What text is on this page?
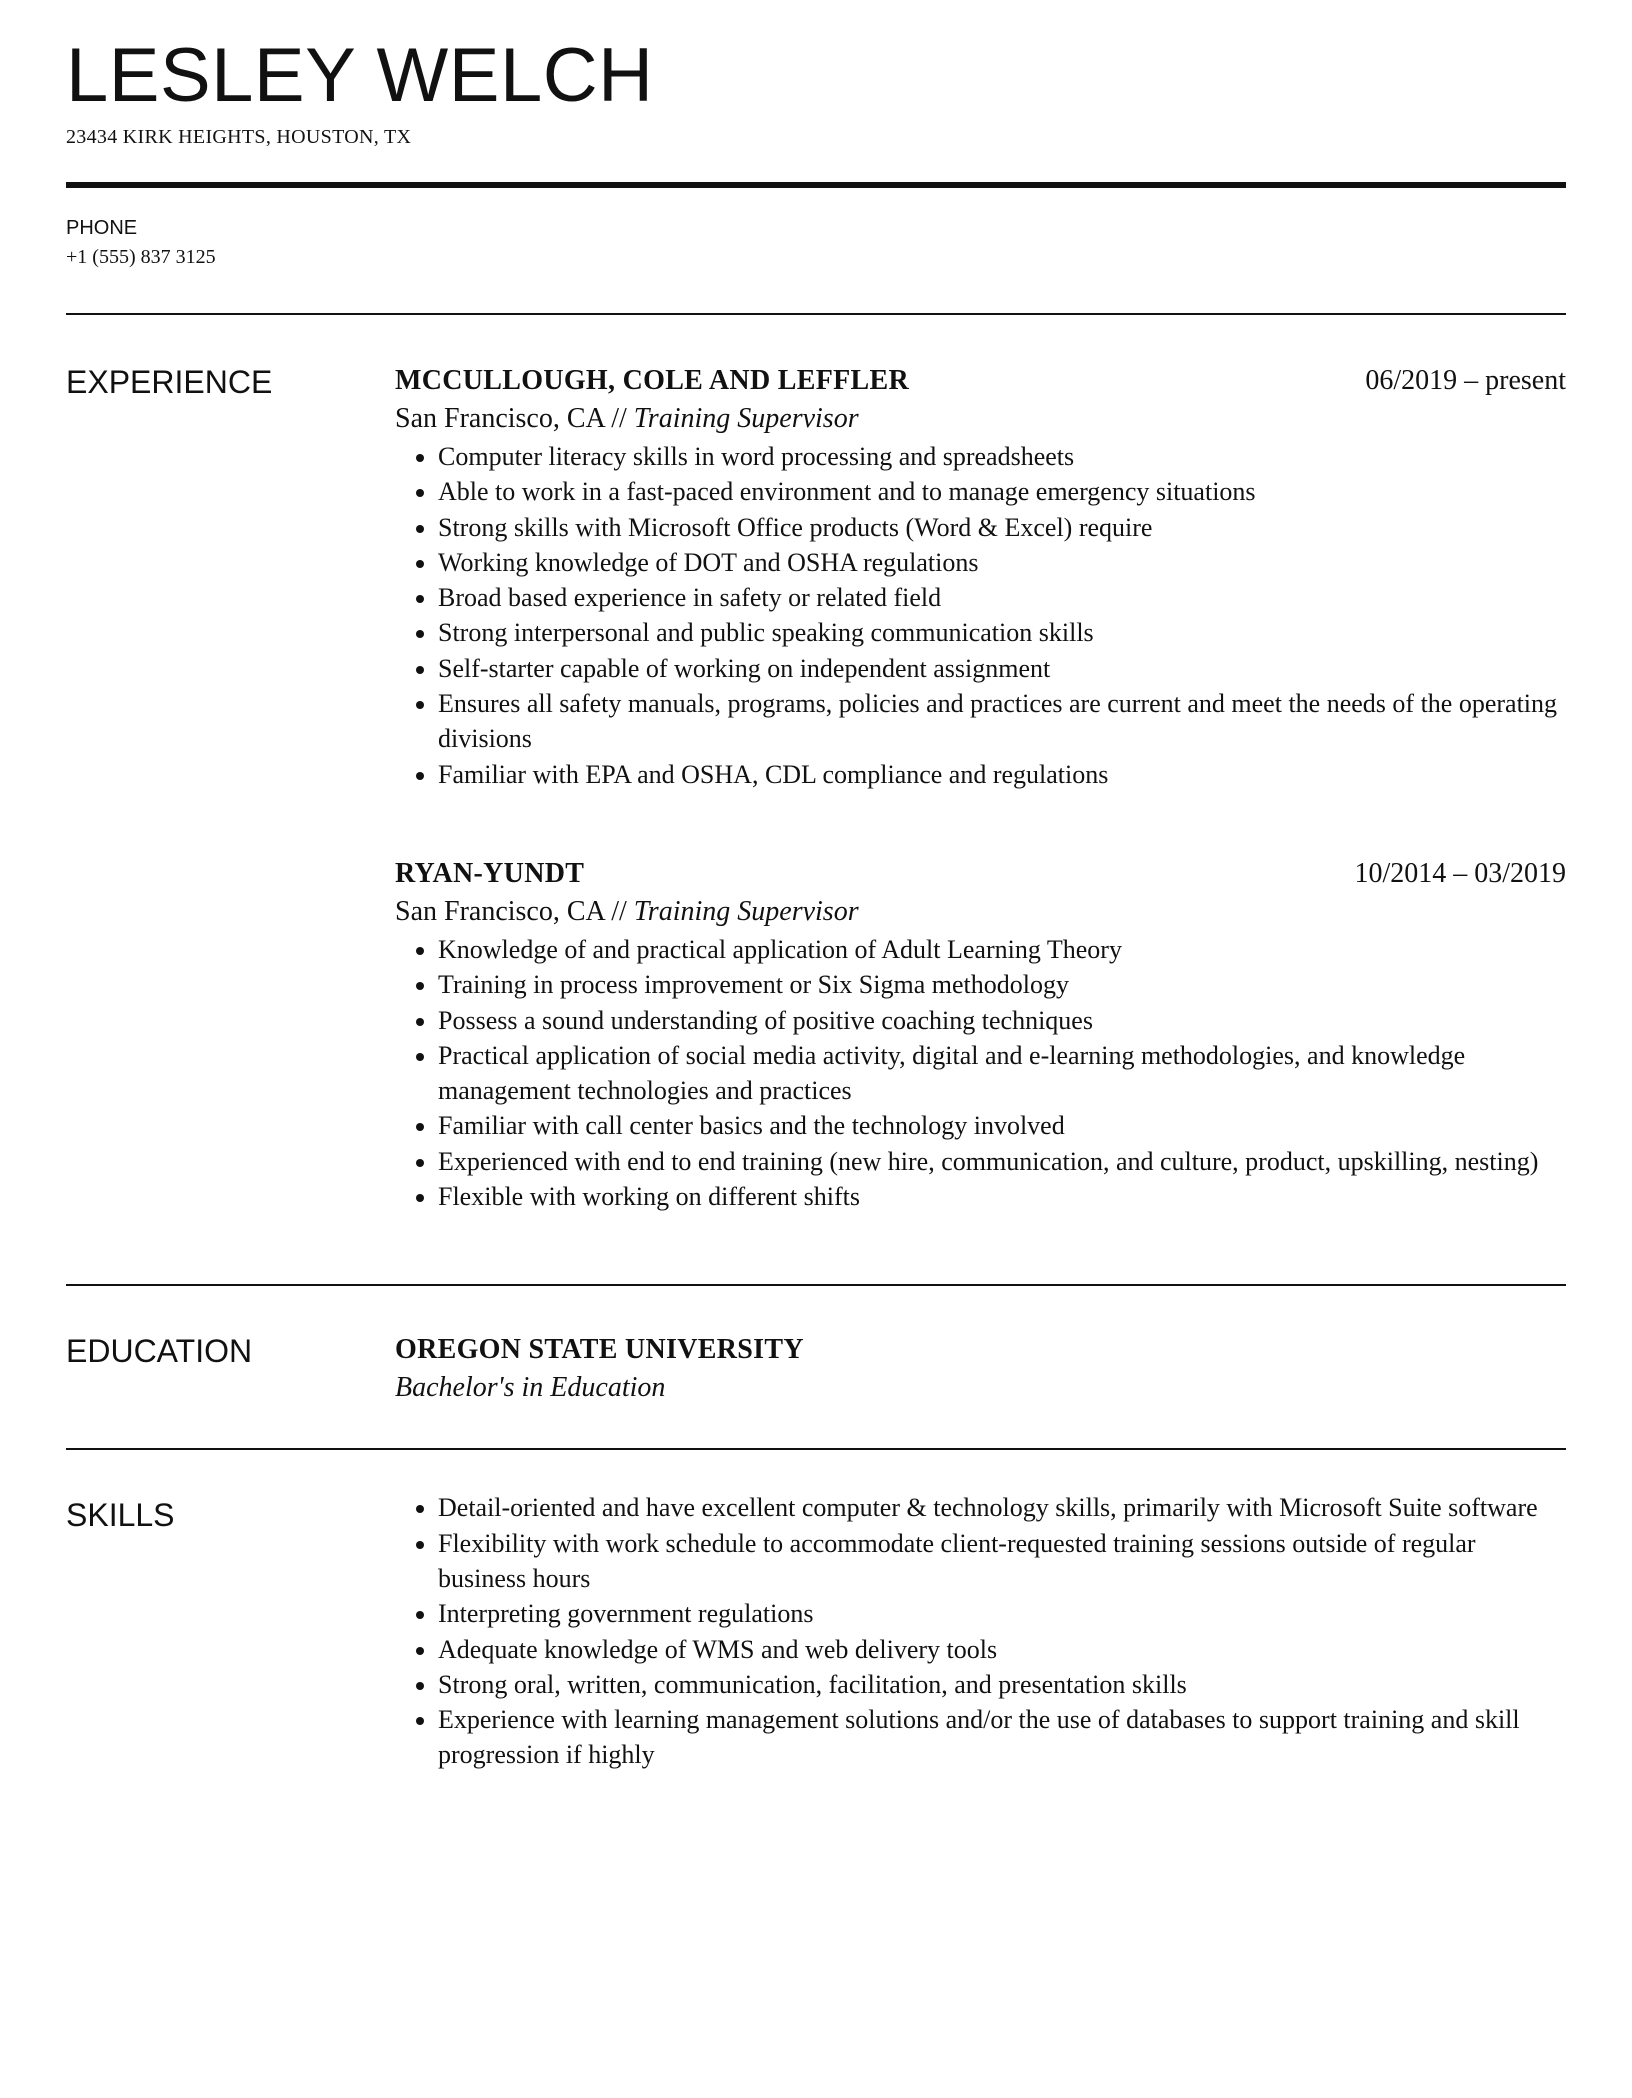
LESLEY WELCH
23434 KIRK HEIGHTS, HOUSTON, TX
PHONE
+1 (555) 837 3125
EXPERIENCE	MCCULLOUGH, COLE AND LEFFLER	06/2019 – present
San Francisco, CA // Training Supervisor
• Computer literacy skills in word processing and spreadsheets
• Able to work in a fast-paced environment and to manage emergency situations
• Strong skills with Microsoft Office products (Word & Excel) require
• Working knowledge of DOT and OSHA regulations
• Broad based experience in safety or related field
• Strong interpersonal and public speaking communication skills
• Self-starter capable of working on independent assignment
• Ensures all safety manuals, programs, policies and practices are current and meet the needs of the operating divisions
• Familiar with EPA and OSHA, CDL compliance and regulations
RYAN-YUNDT	10/2014 – 03/2019
San Francisco, CA // Training Supervisor
• Knowledge of and practical application of Adult Learning Theory
• Training in process improvement or Six Sigma methodology
• Possess a sound understanding of positive coaching techniques
• Practical application of social media activity, digital and e-learning methodologies, and knowledge management technologies and practices
• Familiar with call center basics and the technology involved
• Experienced with end to end training (new hire, communication, and culture, product, upskilling, nesting)
• Flexible with working on different shifts
EDUCATION	OREGON STATE UNIVERSITY
Bachelor's in Education
SKILLS
•	Detail-oriented and have excellent computer & technology skills, primarily with Microsoft Suite software
• Flexibility with work schedule to accommodate client-requested training sessions outside of regular business hours
• Interpreting government regulations
• Adequate knowledge of WMS and web delivery tools
• Strong oral, written, communication, facilitation, and presentation skills
• Experience with learning management solutions and/or the use of databases to support training and skill progression if highly
